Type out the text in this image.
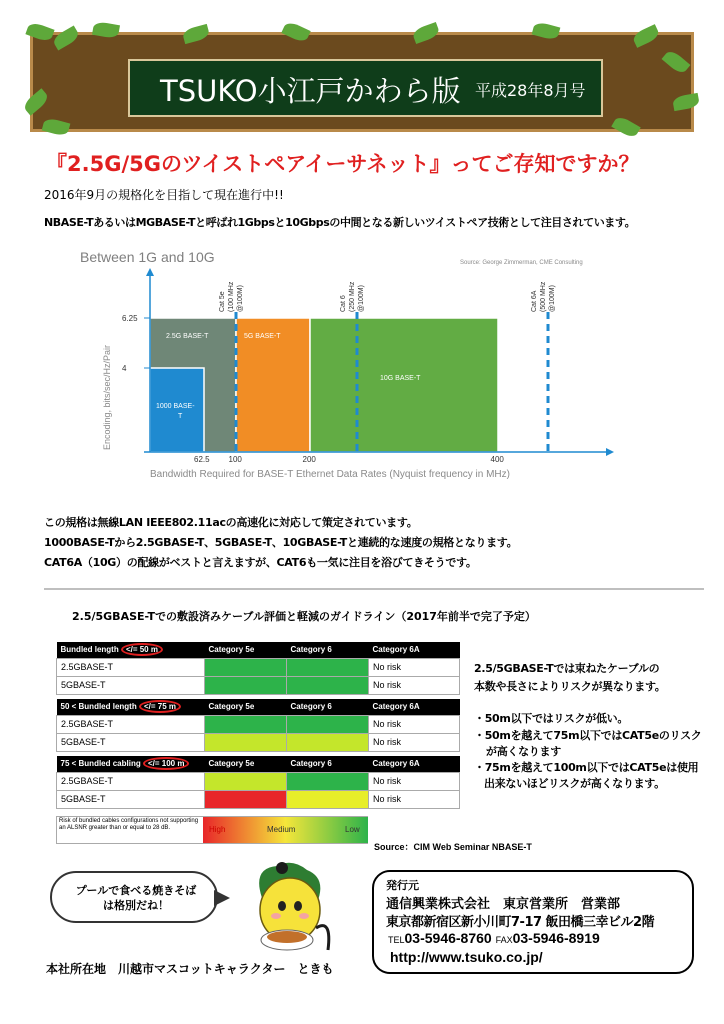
TSUKO小江戸かわら版 平成28年8月号
『2.5G/5Gのツイストペアイーサネット』ってご存知ですか？
2016年9月の規格化を目指して現在進行中!!
NBASE-TあるいはMGBASE-Tと呼ばれ1Gbpsと10Gbpsの中間となる新しいツイストペア技術として注目されています。
Between 1G and 10G	Source: George Zimmerman, CME Consulting
2.5G BASE-T	5G BASE-T
10G BASE-T
1000 BASE-T
Cat 5e (100 MHz @100M)	Cat 6 (250 MHz @100M)	Cat 6A (500 MHz @100M)
62.5 100	200	400
6.25
4
Encoding, bits/sec/Hz/Pair
Bandwidth Required for BASE-T Ethernet Data Rates (Nyquist frequency in MHz)
この規格は無線LAN IEEE802.11acの高速化に対応して策定されています。
1000BASE-Tから2.5GBASE-T、5GBASE-T、10GBASE-Tと連続的な速度の規格となります。
CAT6A（10G）の配線がベストと言えますが、CAT6も一気に注目を浴びてきそうです。
2.5/5GBASE-Tでの敷設済みケーブル評価と軽減のガイドライン（2017年前半で完了予定）
Bundled length </= 50 m	Category 5e	Category 6	Category 6A
2.5GBASE-T			No risk
5GBASE-T			No risk
50 < Bundled length </= 75 m	Category 5e	Category 6	Category 6A
2.5GBASE-T			No risk
5GBASE-T			No risk
75 < Bundled cabling </= 100 m	Category 5e	Category 6	Category 6A
2.5GBASE-T			No risk
5GBASE-T			No risk
Risk of bundled cables configurations not supporting an ALSNR greater than or equal to 28 dB.	High	Medium	Low
2.5/5GBASE-Tでは束ねたケーブルの
本数や長さによりリスクが異なります。
・50m以下ではリスクが低い。
・50mを越えて75m以下ではCAT5eのリスク
が高くなります
・75mを越えて100m以下ではCAT5eは使用
出来ないほどリスクが高くなります。
Source：CIM Web Seminar NBASE-T
プールで食べる焼きそば
は格別だね！
本社所在地　川越市マスコットキャラクター　ときも
発行元
通信興業株式会社　東京営業所　営業部
東京都新宿区新小川町7-17 飯田橋三幸ビル2階
TEL03-5946-8760 FAX03-5946-8919
http://www.tsuko.co.jp/
